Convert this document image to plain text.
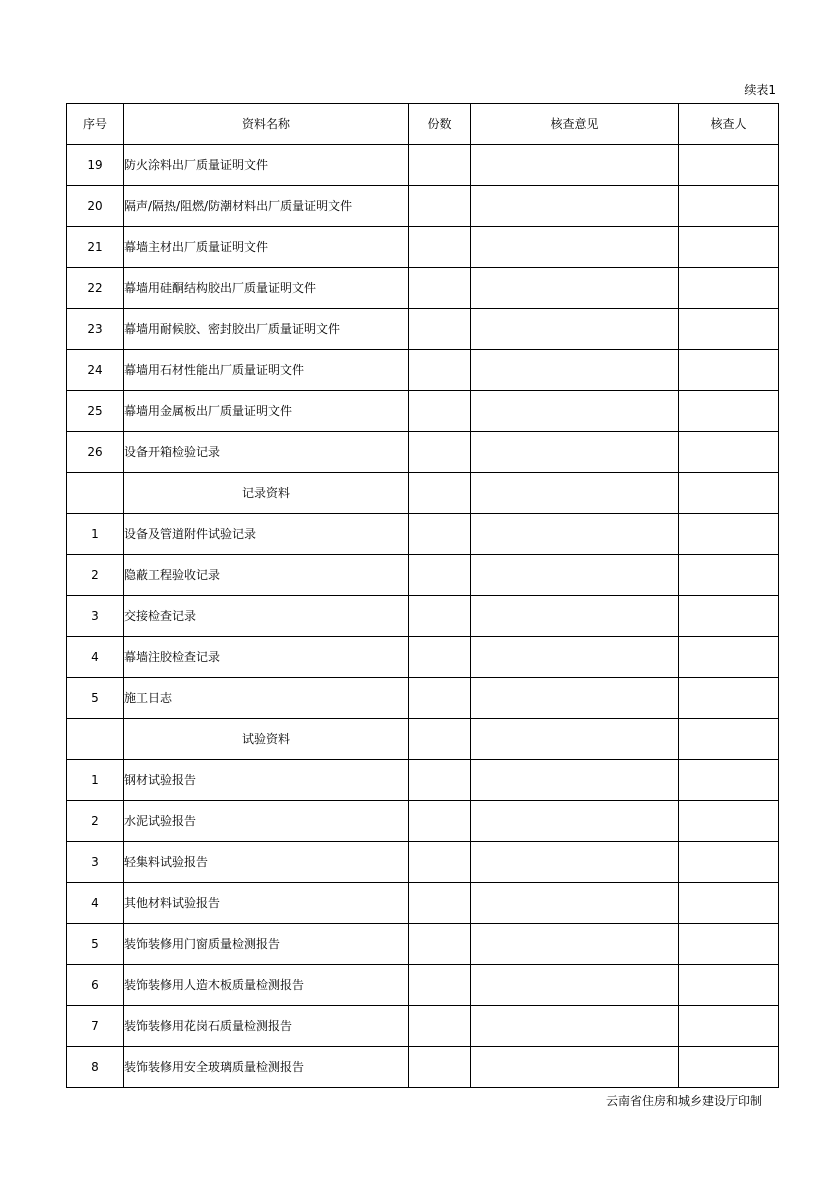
续表1
序号	资料名称	份数	核查意见	核查人
19	防火涂料出厂质量证明文件			
20	隔声/隔热/阻燃/防潮材料出厂质量证明文件			
21	幕墙主材出厂质量证明文件			
22	幕墙用硅酮结构胶出厂质量证明文件			
23	幕墙用耐候胶、密封胶出厂质量证明文件			
24	幕墙用石材性能出厂质量证明文件			
25	幕墙用金属板出厂质量证明文件			
26	设备开箱检验记录			
	记录资料			
1	设备及管道附件试验记录			
2	隐蔽工程验收记录			
3	交接检查记录			
4	幕墙注胶检查记录			
5	施工日志			
	试验资料			
1	钢材试验报告			
2	水泥试验报告			
3	轻集料试验报告			
4	其他材料试验报告			
5	装饰装修用门窗质量检测报告			
6	装饰装修用人造木板质量检测报告			
7	装饰装修用花岗石质量检测报告			
8	装饰装修用安全玻璃质量检测报告			
云南省住房和城乡建设厅印制
